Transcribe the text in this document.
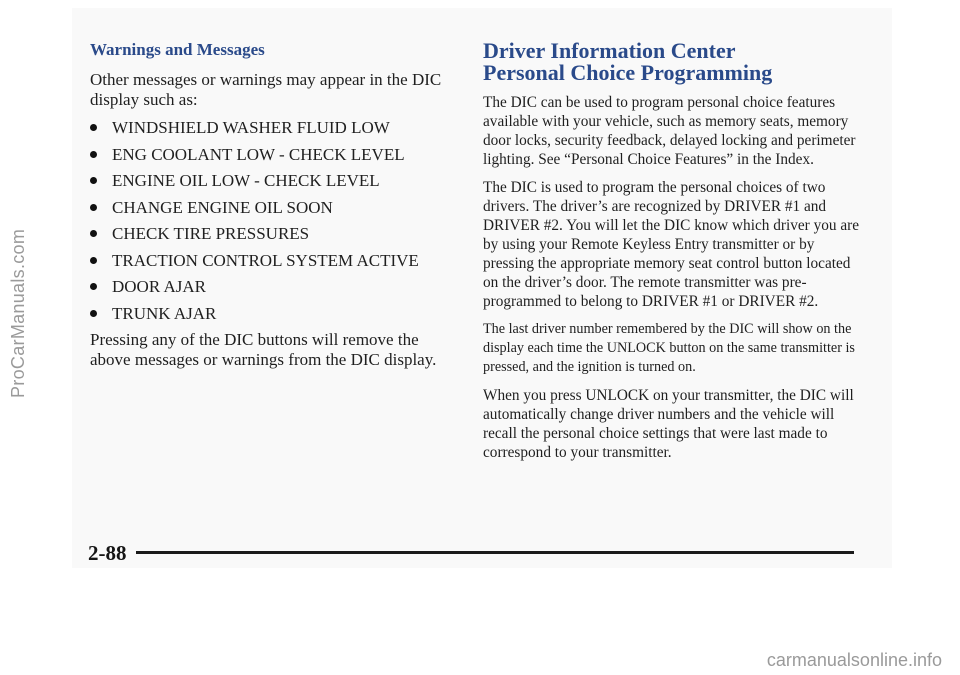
Warnings and Messages

Other messages or warnings may appear in the DIC display such as:

WINDSHIELD WASHER FLUID LOW
ENG COOLANT LOW - CHECK LEVEL
ENGINE OIL LOW - CHECK LEVEL
CHANGE ENGINE OIL SOON
CHECK TIRE PRESSURES
TRACTION CONTROL SYSTEM ACTIVE
DOOR AJAR
TRUNK AJAR

Pressing any of the DIC buttons will remove the above messages or warnings from the DIC display.

Driver Information Center
Personal Choice Programming

The DIC can be used to program personal choice features available with your vehicle, such as memory seats, memory door locks, security feedback, delayed locking and perimeter lighting. See “Personal Choice Features” in the Index.

The DIC is used to program the personal choices of two drivers. The driver’s are recognized by DRIVER #1 and DRIVER #2. You will let the DIC know which driver you are by using your Remote Keyless Entry transmitter or by pressing the appropriate memory seat control button located on the driver’s door. The remote transmitter was pre-programmed to belong to DRIVER #1 or DRIVER #2.

The last driver number remembered by the DIC will show on the display each time the UNLOCK button on the same transmitter is pressed, and the ignition is turned on.

When you press UNLOCK on your transmitter, the DIC will automatically change driver numbers and the vehicle will recall the personal choice settings that were last made to correspond to your transmitter.

2-88
ProCarManuals.com
carmanualsonline.info
